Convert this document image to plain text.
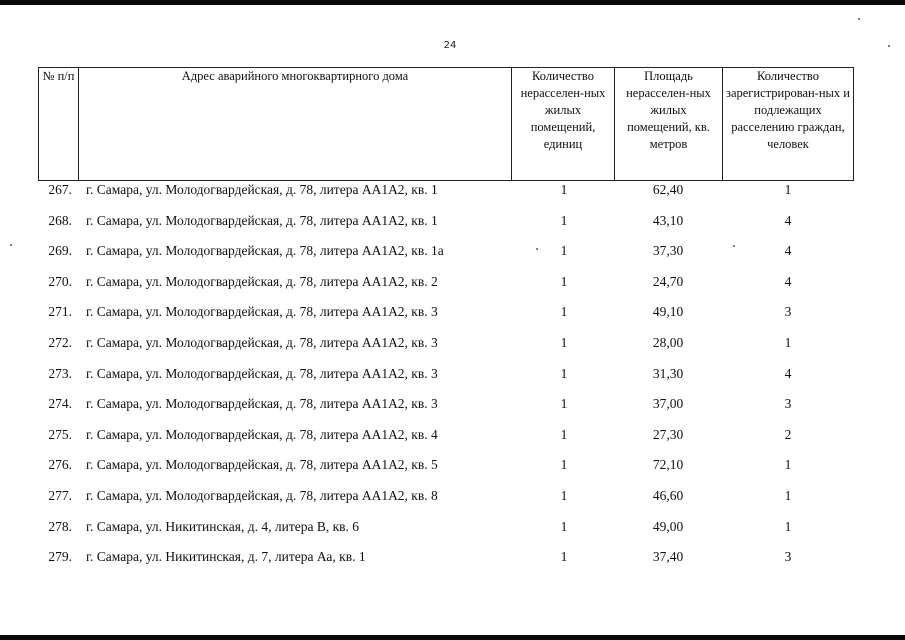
24
№ п/п	Адрес аварийного многоквартирного дома	Количество нерасселен-ных жилых помещений, единиц	Площадь нерасселен-ных жилых помещений, кв. метров	Количество зарегистрирован-ных и подлежащих расселению граждан, человек
267. г. Самара, ул. Молодогвардейская, д. 78, литера АА1А2, кв. 1	1	62,40	1
268. г. Самара, ул. Молодогвардейская, д. 78, литера АА1А2, кв. 1	1	43,10	4
269. г. Самара, ул. Молодогвардейская, д. 78, литера АА1А2, кв. 1а	1	37,30	4
270. г. Самара, ул. Молодогвардейская, д. 78, литера АА1А2, кв. 2	1	24,70	4
271. г. Самара, ул. Молодогвардейская, д. 78, литера АА1А2, кв. 3	1	49,10	3
272. г. Самара, ул. Молодогвардейская, д. 78, литера АА1А2, кв. 3	1	28,00	1
273. г. Самара, ул. Молодогвардейская, д. 78, литера АА1А2, кв. 3	1	31,30	4
274. г. Самара, ул. Молодогвардейская, д. 78, литера АА1А2, кв. 3	1	37,00	3
275. г. Самара, ул. Молодогвардейская, д. 78, литера АА1А2, кв. 4	1	27,30	2
276. г. Самара, ул. Молодогвардейская, д. 78, литера АА1А2, кв. 5	1	72,10	1
277. г. Самара, ул. Молодогвардейская, д. 78, литера АА1А2, кв. 8	1	46,60	1
278. г. Самара, ул. Никитинская, д. 4, литера В, кв. 6	1	49,00	1
279. г. Самара, ул. Никитинская, д. 7, литера Аа, кв. 1	1	37,40	3
